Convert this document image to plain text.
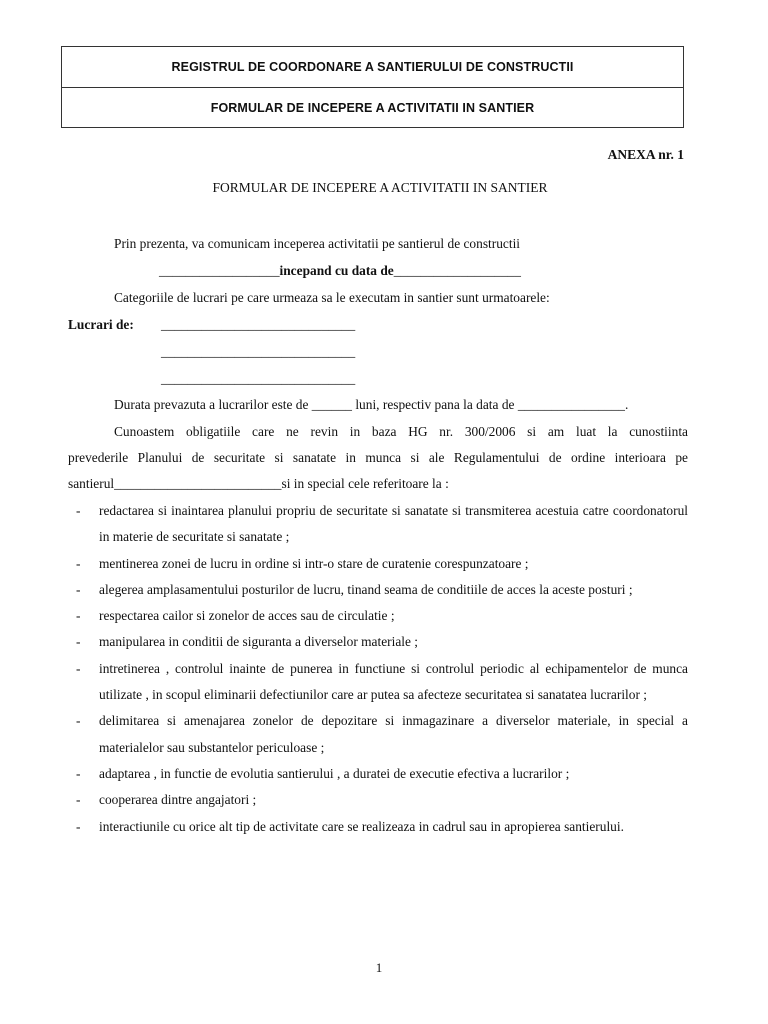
REGISTRUL DE COORDONARE A SANTIERULUI DE CONSTRUCTII
FORMULAR DE INCEPERE A ACTIVITATII IN SANTIER
ANEXA nr. 1
FORMULAR DE INCEPERE A ACTIVITATII IN SANTIER
Prin prezenta, va comunicam inceperea activitatii pe santierul de constructii
__________________incepand cu data de___________________
Categoriile de lucrari pe care urmeaza sa le executam in santier sunt urmatoarele:
Lucrari de: _____________________________
_____________________________
_____________________________
Durata prevazuta a lucrarilor este de ______ luni, respectiv pana la data de ________________.
Cunoastem obligatiile care ne revin in baza HG nr. 300/2006 si am luat la cunostiinta
prevederile Planului de securitate si sanatate in munca si ale Regulamentului de ordine interioara pe
santierul_________________________si in special cele referitoare la :
- redactarea si inaintarea planului propriu de securitate si sanatate si transmiterea acestuia catre coordonatorul in materie de securitate si sanatate ;
- mentinerea zonei de lucru in ordine si intr-o stare de curatenie corespunzatoare ;
- alegerea amplasamentului posturilor de lucru, tinand seama de conditiile de acces la aceste posturi ;
- respectarea cailor si zonelor de acces sau de circulatie ;
- manipularea in conditii de siguranta a diverselor materiale ;
- intretinerea , controlul inainte de punerea in functiune si controlul periodic al echipamentelor de munca utilizate , in scopul eliminarii defectiunilor care ar putea sa afecteze securitatea si sanatatea lucrarilor ;
- delimitarea si amenajarea zonelor de depozitare si inmagazinare a diverselor materiale, in special a materialelor sau substantelor periculoase ;
- adaptarea , in functie de evolutia santierului , a duratei de executie efectiva a lucrarilor ;
- cooperarea dintre angajatori ;
- interactiunile cu orice alt tip de activitate care se realizeaza in cadrul sau in apropierea santierului.
1
